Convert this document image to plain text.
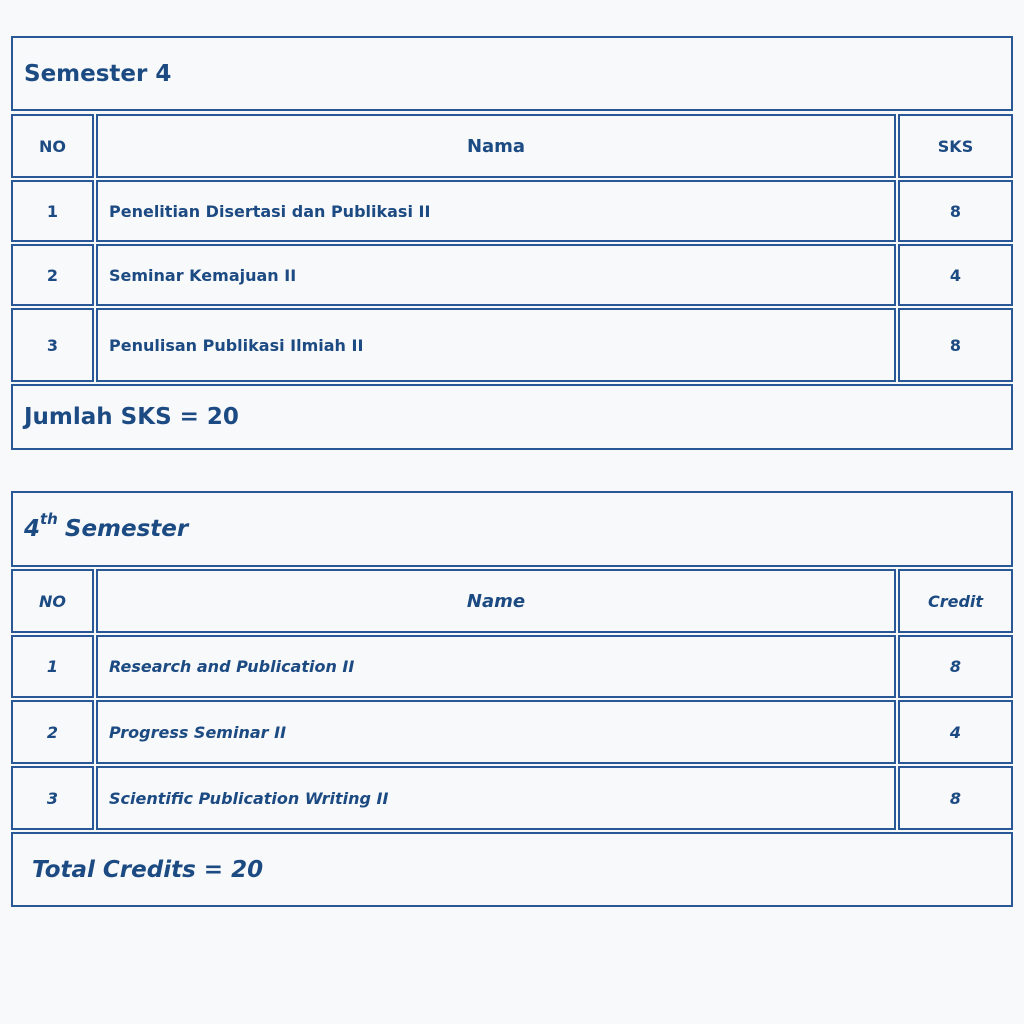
Semester 4
NO	Nama	SKS
1	Penelitian Disertasi dan Publikasi II	8
2	Seminar Kemajuan II	4
3	Penulisan Publikasi Ilmiah II	8
Jumlah SKS = 20
4 th Semester
NO	Name	Credit
1	Research and Publication II	8
2	Progress Seminar II	4
3	Scientific Publication Writing II	8
Total Credits = 20
